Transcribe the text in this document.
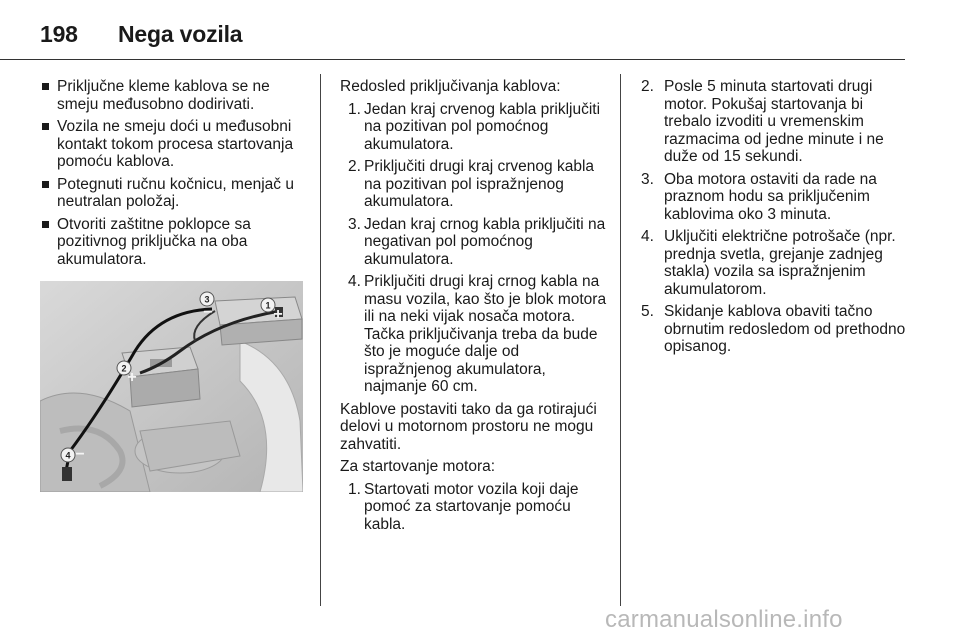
198	Nega vozila
Priključne kleme kablova se ne smeju međusobno dodirivati.
Vozila ne smeju doći u međusobni kontakt tokom procesa startovanja pomoću kablova.
Potegnuti ručnu kočnicu, menjač u neutralan položaj.
Otvoriti zaštitne poklopce sa pozitivnog priključka na oba akumulatora.
1
3
2
4
+
+
−
−
Redosled priključivanja kablova:
1. Jedan kraj crvenog kabla priključiti na pozitivan pol pomoćnog akumulatora.
2. Priključiti drugi kraj crvenog kabla na pozitivan pol ispražnjenog akumulatora.
3. Jedan kraj crnog kabla priključiti na negativan pol pomoćnog akumulatora.
4. Priključiti drugi kraj crnog kabla na masu vozila, kao što je blok motora ili na neki vijak nosača motora. Tačka priključivanja treba da bude što je moguće dalje od ispražnjenog akumulatora, najmanje 60 cm.
Kablove postaviti tako da ga rotirajući delovi u motornom prostoru ne mogu zahvatiti.
Za startovanje motora:
1. Startovati motor vozila koji daje pomoć za startovanje pomoću kabla.
2. Posle 5 minuta startovati drugi motor. Pokušaj startovanja bi trebalo izvoditi u vremenskim razmacima od jedne minute i ne duže od 15 sekundi.
3. Oba motora ostaviti da rade na praznom hodu sa priključenim kablovima oko 3 minuta.
4. Uključiti električne potrošače (npr. prednja svetla, grejanje zadnjeg stakla) vozila sa ispražnjenim akumulatorom.
5. Skidanje kablova obaviti tačno obrnutim redosledom od prethodno opisanog.
carmanualsonline.info
